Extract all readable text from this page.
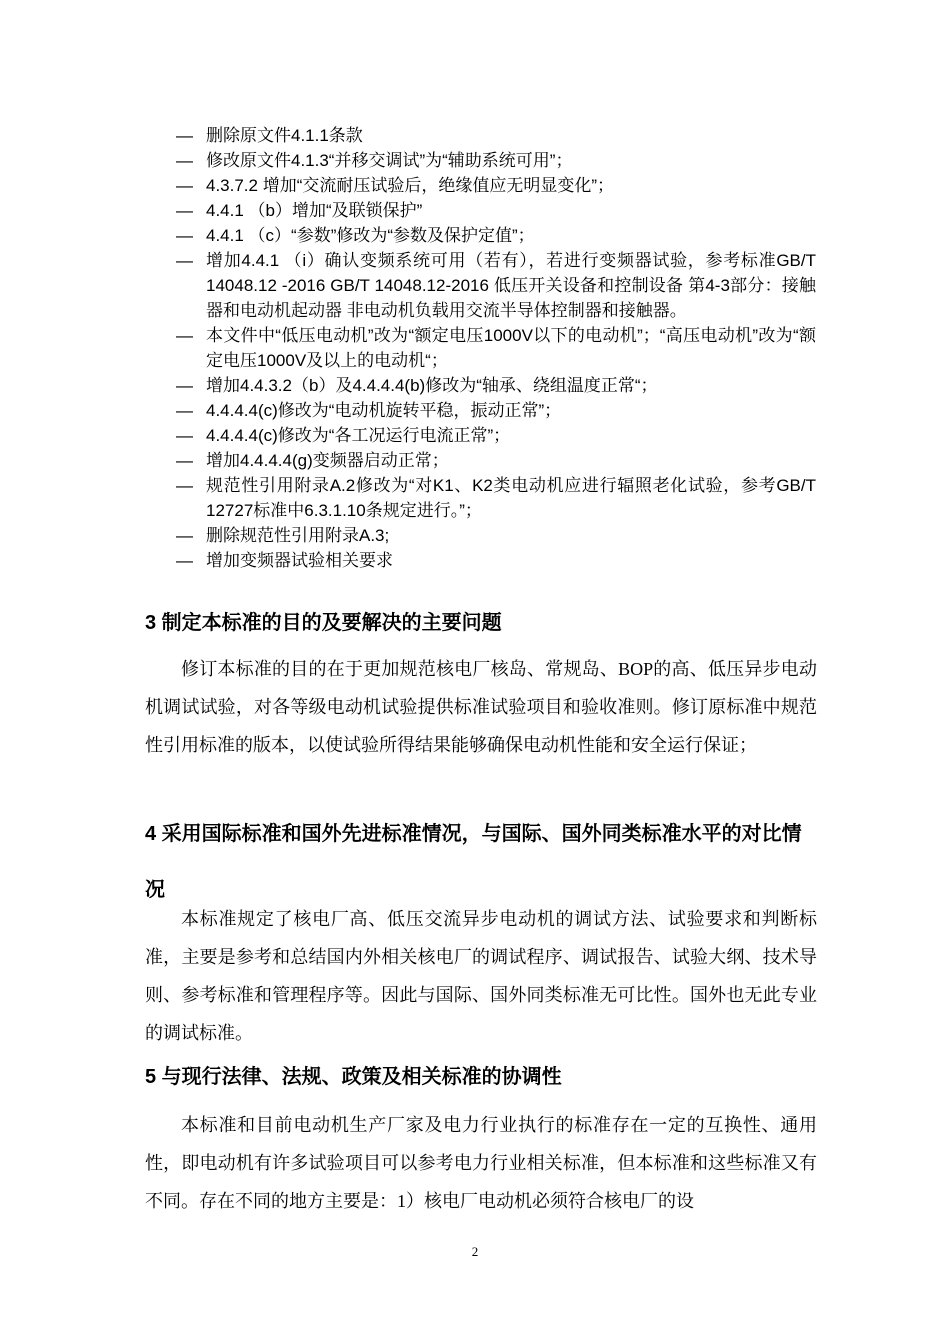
— 删除原文件4.1.1条款
— 修改原文件4.1.3“并移交调试”为“辅助系统可用”；
— 4.3.7.2 增加“交流耐压试验后，绝缘值应无明显变化”；
— 4.4.1 （b）增加“及联锁保护”
— 4.4.1 （c）“参数”修改为“参数及保护定值”；
— 增加4.4.1 （i）确认变频系统可用（若有），若进行变频器试验，参考标准GB/T 14048.12 -2016 GB/T 14048.12-2016 低压开关设备和控制设备 第4-3部分：接触器和电动机起动器 非电动机负载用交流半导体控制器和接触器。
— 本文件中“低压电动机”改为“额定电压1000V以下的电动机”；“高压电动机”改为“额定电压1000V及以上的电动机“；
— 增加4.4.3.2（b）及4.4.4.4(b)修改为“轴承、绕组温度正常“；
— 4.4.4.4(c)修改为“电动机旋转平稳，振动正常”；
— 4.4.4.4(c)修改为“各工况运行电流正常”；
— 增加4.4.4.4(g)变频器启动正常；
— 规范性引用附录A.2修改为“对K1、K2类电动机应进行辐照老化试验，参考GB/T 12727标准中6.3.1.10条规定进行。”；
— 删除规范性引用附录A.3;
— 增加变频器试验相关要求
3 制定本标准的目的及要解决的主要问题
修订本标准的目的在于更加规范核电厂核岛、常规岛、BOP的高、低压异步电动机调试试验，对各等级电动机试验提供标准试验项目和验收准则。修订原标准中规范性引用标准的版本，以使试验所得结果能够确保电动机性能和安全运行保证；
4 采用国际标准和国外先进标准情况，与国际、国外同类标准水平的对比情况
本标准规定了核电厂高、低压交流异步电动机的调试方法、试验要求和判断标准，主要是参考和总结国内外相关核电厂的调试程序、调试报告、试验大纲、技术导则、参考标准和管理程序等。因此与国际、国外同类标准无可比性。国外也无此专业的调试标准。
5 与现行法律、法规、政策及相关标准的协调性
本标准和目前电动机生产厂家及电力行业执行的标准存在一定的互换性、通用性，即电动机有许多试验项目可以参考电力行业相关标准，但本标准和这些标准又有不同。存在不同的地方主要是：1）核电厂电动机必须符合核电厂的设
2
